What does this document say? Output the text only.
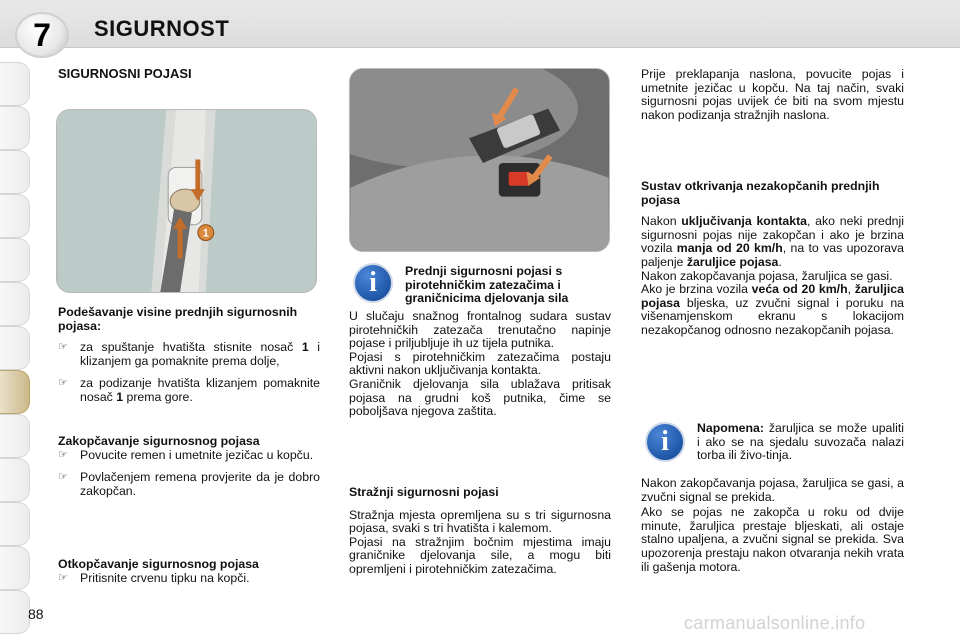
7	SIGURNOST
SIGURNOSNI POJASI
1

Podešavanje visine prednjih sigurnosnih pojasa:

☞ za spuštanje hvatišta stisnite nosač 1 i klizanjem ga pomaknite prema dolje,
☞ za podizanje hvatišta klizanjem pomaknite nosač 1 prema gore.

Zakopčavanje sigurnosnog pojasa

☞ Povucite remen i umetnite jezičac u kopču.
☞ Povlačenjem remena provjerite da je dobro zakopčan.

Otkopčavanje sigurnosnog pojasa

☞ Pritisnite crvenu tipku na kopči.
i	Prednji sigurnosni pojasi s pirotehničkim zatezačima i graničnicima djelovanja sila

U slučaju snažnog frontalnog sudara sustav pirotehničkih zatezača trenutačno napinje pojase i priljubljuje ih uz tijela putnika.

Pojasi s pirotehničkim zatezačima postaju aktivni nakon uključivanja kontakta.

Graničnik djelovanja sila ublažava pritisak pojasa na grudni koš putnika, čime se poboljšava njegova zaštita.

Stražnji sigurnosni pojasi

Stražnja mjesta opremljena su s tri sigurnosna pojasa, svaki s tri hvatišta i kalemom.

Pojasi na stražnjim bočnim mjestima imaju graničnike djelovanja sile, a mogu biti opremljeni i pirotehničkim zatezačima.

Prije preklapanja naslona, povucite pojas i umetnite jezičac u kopču. Na taj način, svaki sigurnosni pojas uvijek će biti na svom mjestu nakon podizanja stražnjih naslona.

Sustav otkrivanja nezakopčanih prednjih pojasa

Nakon uključivanja kontakta, ako neki prednji sigurnosni pojas nije zakopčan i ako je brzina vozila manja od 20 km/h, na to vas upozorava paljenje žaruljice pojasa.

Nakon zakopčavanja pojasa, žaruljica se gasi.

Ako je brzina vozila veća od 20 km/h, žaruljica pojasa bljeska, uz zvučni signal i poruku na višenamjenskom ekranu s lokacijom nezakopčanog odnosno nezakopčanih pojasa.

i	Napomena: žaruljica se može upaliti i ako se na sjedalu suvozača nalazi torba ili živo-tinja.

Nakon zakopčavanja pojasa, žaruljica se gasi, a zvučni signal se prekida.

Ako se pojas ne zakopča u roku od dvije minute, žaruljica prestaje bljeskati, ali ostaje stalno upaljena, a zvučni signal se prekida. Sva upozorenja prestaju nakon otvaranja nekih vrata ili gašenja motora.

88	carmanualsonline.info
